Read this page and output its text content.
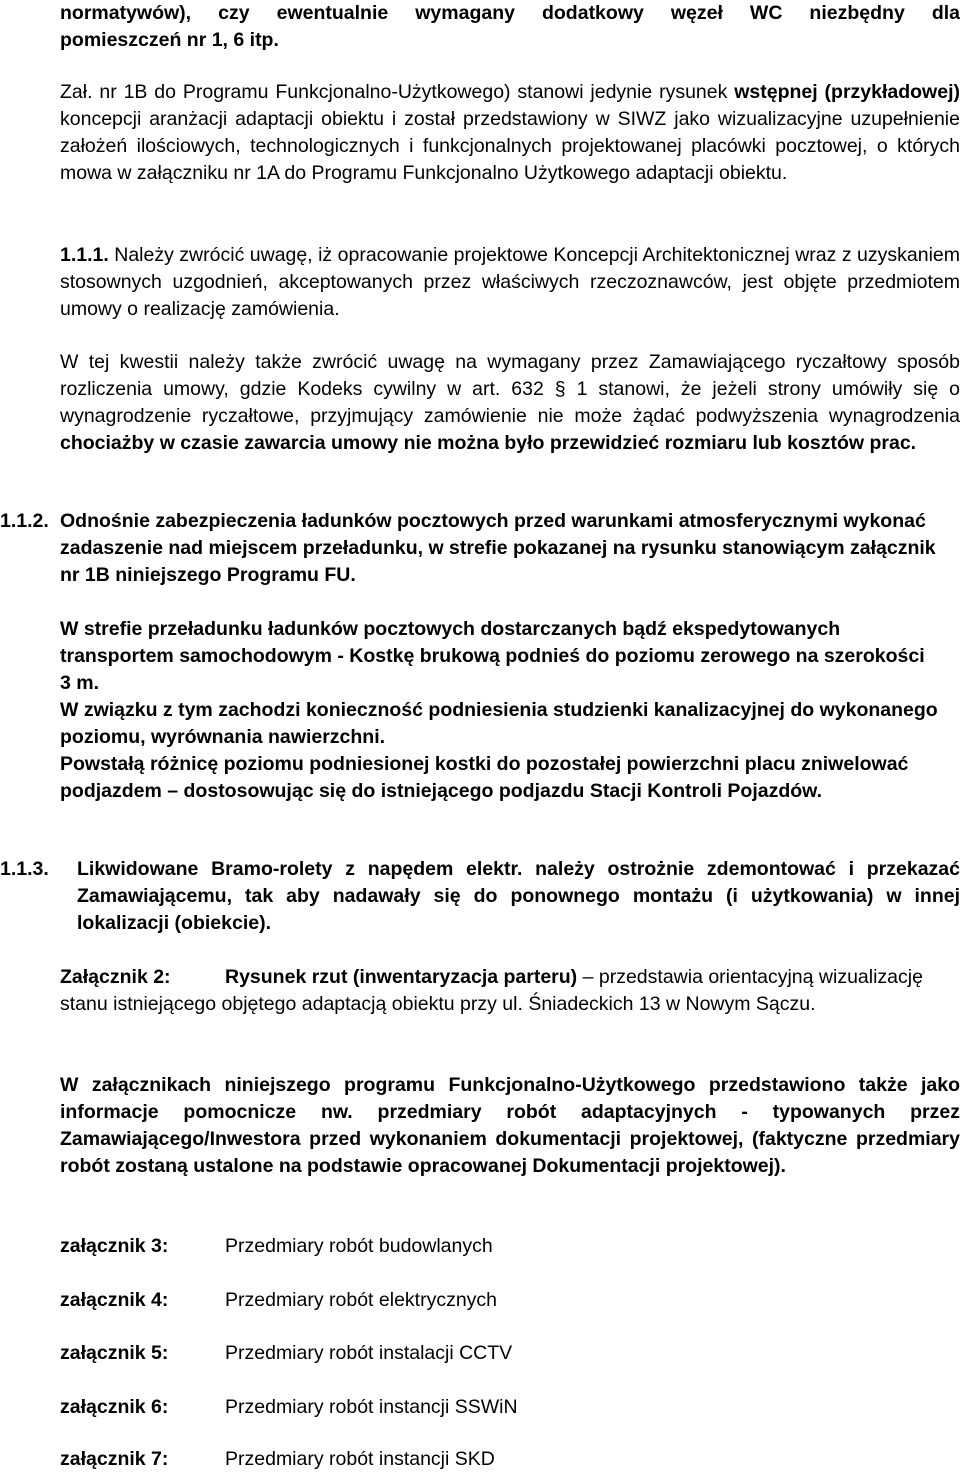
normatywów), czy ewentualnie wymagany dodatkowy węzeł WC niezbędny dla
pomieszczeń nr 1, 6 itp.

Zał. nr 1B do Programu Funkcjonalno-Użytkowego) stanowi jedynie rysunek wstępnej (przykładowej) koncepcji aranżacji adaptacji obiektu i został przedstawiony w SIWZ jako wizualizacyjne uzupełnienie założeń ilościowych, technologicznych i funkcjonalnych projektowanej placówki pocztowej, o których mowa w załączniku nr 1A do Programu Funkcjonalno Użytkowego adaptacji obiektu.

1.1.1. Należy zwrócić uwagę, iż opracowanie projektowe Koncepcji Architektonicznej wraz z uzyskaniem stosownych uzgodnień, akceptowanych przez właściwych rzeczoznawców, jest objęte przedmiotem umowy o realizację zamówienia.

W tej kwestii należy także zwrócić uwagę na wymagany przez Zamawiającego ryczałtowy sposób rozliczenia umowy, gdzie Kodeks cywilny w art. 632 § 1 stanowi, że jeżeli strony umówiły się o wynagrodzenie ryczałtowe, przyjmujący zamówienie nie może żądać podwyższenia wynagrodzenia chociażby w czasie zawarcia umowy nie można było przewidzieć rozmiaru lub kosztów prac.

1.1.2. Odnośnie zabezpieczenia ładunków pocztowych przed warunkami atmosferycznymi wykonać zadaszenie nad miejscem przeładunku, w strefie pokazanej na rysunku stanowiącym załącznik nr 1B niniejszego Programu FU.
W strefie przeładunku ładunków pocztowych dostarczanych bądź ekspedytowanych transportem samochodowym - Kostkę brukową podnieś do poziomu zerowego na szerokości 3 m.
W związku z tym zachodzi konieczność podniesienia studzienki kanalizacyjnej do wykonanego poziomu, wyrównania nawierzchni.
Powstałą różnicę poziomu podniesionej kostki do pozostałej powierzchni placu zniwelować podjazdem – dostosowując się do istniejącego podjazdu Stacji Kontroli Pojazdów.
1.1.3. Likwidowane Bramo-rolety z napędem elektr. należy ostrożnie zdemontować i przekazać Zamawiającemu, tak aby nadawały się do ponownego montażu (i użytkowania) w innej lokalizacji (obiekcie).
Załącznik 2:	Rysunek rzut (inwentaryzacja parteru) – przedstawia orientacyjną wizualizację stanu istniejącego objętego adaptacją obiektu przy ul. Śniadeckich 13 w Nowym Sączu.

W załącznikach niniejszego programu Funkcjonalno-Użytkowego przedstawiono także jako informacje pomocnicze nw. przedmiary robót adaptacyjnych - typowanych przez Zamawiającego/Inwestora przed wykonaniem dokumentacji projektowej, (faktyczne przedmiary robót zostaną ustalone na podstawie opracowanej Dokumentacji projektowej).

załącznik 3:	Przedmiary robót budowlanych
załącznik 4:	Przedmiary robót elektrycznych
załącznik 5:	Przedmiary robót instalacji CCTV
załącznik 6:	Przedmiary robót instancji SSWiN
załącznik 7:	Przedmiary robót instancji SKD
